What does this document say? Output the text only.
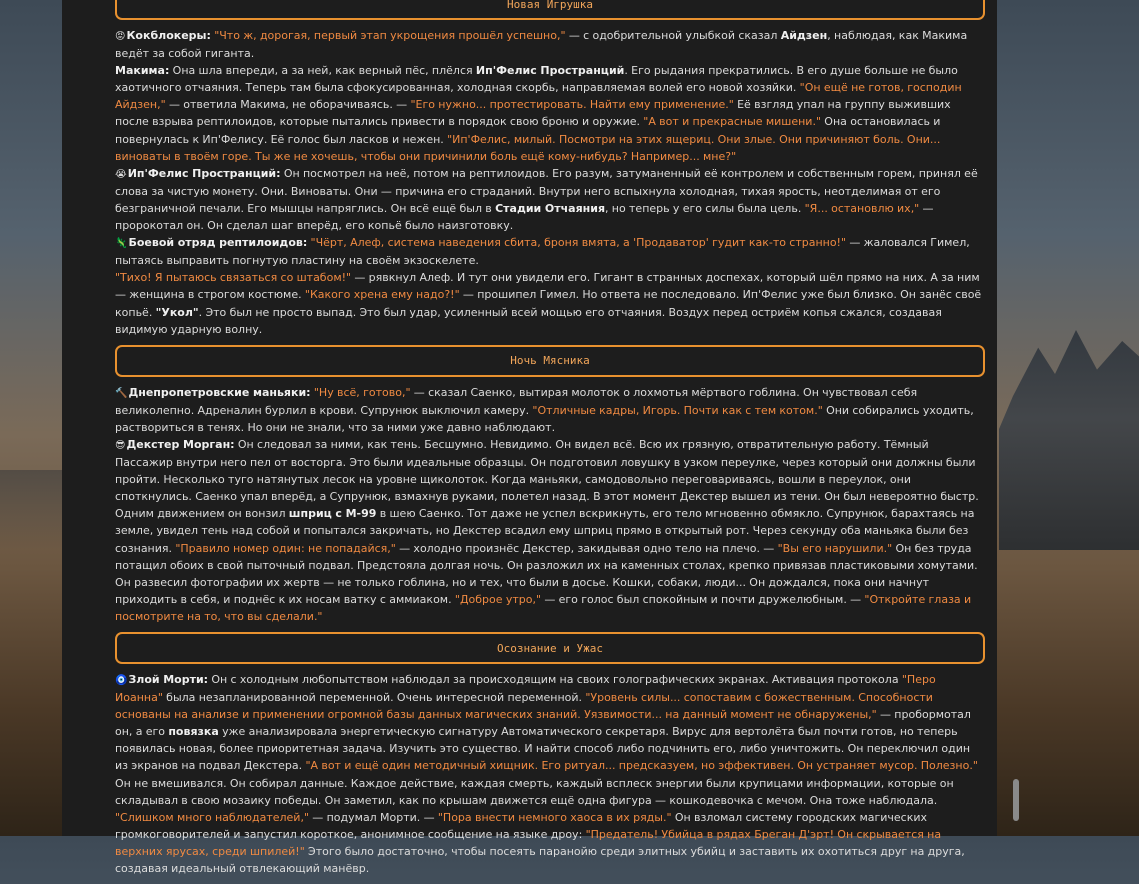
Новая Игрушка
😡Кокблокеры: "Что ж, дорогая, первый этап укрощения прошёл успешно," — с одобрительной улыбкой сказал Айдзен, наблюдая, как Макима ведёт за собой гиганта.
Макима: Она шла впереди, а за ней, как верный пёс, плёлся Ип'Фелис Пространций. Его рыдания прекратились. В его душе больше не было хаотичного отчаяния. Теперь там была сфокусированная, холодная скорбь, направляемая волей его новой хозяйки. "Он ещё не готов, господин Айдзен," — ответила Макима, не оборачиваясь. — "Его нужно... протестировать. Найти ему применение." Её взгляд упал на группу выживших после взрыва рептилоидов, которые пытались привести в порядок свою броню и оружие. "А вот и прекрасные мишени." Она остановилась и повернулась к Ип'Фелису. Её голос был ласков и нежен. "Ип'Фелис, милый. Посмотри на этих ящериц. Они злые. Они причиняют боль. Они... виноваты в твоём горе. Ты же не хочешь, чтобы они причинили боль ещё кому-нибудь? Например... мне?"
😭Ип'Фелис Пространций: Он посмотрел на неё, потом на рептилоидов. Его разум, затуманенный её контролем и собственным горем, принял её слова за чистую монету. Они. Виноваты. Они — причина его страданий. Внутри него вспыхнула холодная, тихая ярость, неотделимая от его безграничной печали. Его мышцы напряглись. Он всё ещё был в Стадии Отчаяния, но теперь у его силы была цель. "Я... остановлю их," — пророкотал он. Он сделал шаг вперёд, его копьё было наизготовку.
🦎Боевой отряд рептилоидов: "Чёрт, Алеф, система наведения сбита, броня вмята, а 'Продаватор' гудит как-то странно!" — жаловался Гимел, пытаясь выправить погнутую пластину на своём экзоскелете.
"Тихо! Я пытаюсь связаться со штабом!" — рявкнул Алеф. И тут они увидели его. Гигант в странных доспехах, который шёл прямо на них. А за ним — женщина в строгом костюме. "Какого хрена ему надо?!" — прошипел Гимел. Но ответа не последовало. Ип'Фелис уже был близко. Он занёс своё копьё. "Укол". Это был не просто выпад. Это был удар, усиленный всей мощью его отчаяния. Воздух перед остриём копья сжался, создавая видимую ударную волну.
Ночь Мясника
🔨Днепропетровские маньяки: "Ну всё, готово," — сказал Саенко, вытирая молоток о лохмотья мёртвого гоблина. Он чувствовал себя великолепно. Адреналин бурлил в крови. Супрунюк выключил камеру. "Отличные кадры, Игорь. Почти как с тем котом." Они собирались уходить, раствориться в тенях. Но они не знали, что за ними уже давно наблюдают.
😎Декстер Морган: Он следовал за ними, как тень. Бесшумно. Невидимо. Он видел всё. Всю их грязную, отвратительную работу. Тёмный Пассажир внутри него пел от восторга. Это были идеальные образцы. Он подготовил ловушку в узком переулке, через который они должны были пройти. Несколько туго натянутых лесок на уровне щиколоток. Когда маньяки, самодовольно переговариваясь, вошли в переулок, они споткнулись. Саенко упал вперёд, а Супрунюк, взмахнув руками, полетел назад. В этот момент Декстер вышел из тени. Он был невероятно быстр. Одним движением он вонзил шприц с М-99 в шею Саенко. Тот даже не успел вскрикнуть, его тело мгновенно обмякло. Супрунюк, барахтаясь на земле, увидел тень над собой и попытался закричать, но Декстер всадил ему шприц прямо в открытый рот. Через секунду оба маньяка были без сознания. "Правило номер один: не попадайся," — холодно произнёс Декстер, закидывая одно тело на плечо. — "Вы его нарушили." Он без труда потащил обоих в свой пыточный подвал. Предстояла долгая ночь. Он разложил их на каменных столах, крепко привязав пластиковыми хомутами. Он развесил фотографии их жертв — не только гоблина, но и тех, что были в досье. Кошки, собаки, люди... Он дождался, пока они начнут приходить в себя, и поднёс к их носам ватку с аммиаком. "Доброе утро," — его голос был спокойным и почти дружелюбным. — "Откройте глаза и посмотрите на то, что вы сделали."
Осознание и Ужас
🧿Злой Морти: Он с холодным любопытством наблюдал за происходящим на своих голографических экранах. Активация протокола "Перо Иоанна" была незапланированной переменной. Очень интересной переменной. "Уровень силы... сопоставим с божественным. Способности основаны на анализе и применении огромной базы данных магических знаний. Уязвимости... на данный момент не обнаружены," — пробормотал он, а его повязка уже анализировала энергетическую сигнатуру Автоматического секретаря. Вирус для вертолёта был почти готов, но теперь появилась новая, более приоритетная задача. Изучить это существо. И найти способ либо подчинить его, либо уничтожить. Он переключил один из экранов на подвал Декстера. "А вот и ещё один методичный хищник. Его ритуал... предсказуем, но эффективен. Он устраняет мусор. Полезно." Он не вмешивался. Он собирал данные. Каждое действие, каждая смерть, каждый всплеск энергии были крупицами информации, которые он складывал в свою мозаику победы. Он заметил, как по крышам движется ещё одна фигура — кошкодевочка с мечом. Она тоже наблюдала. "Слишком много наблюдателей," — подумал Морти. — "Пора внести немного хаоса в их ряды." Он взломал систему городских магических громкоговорителей и запустил короткое, анонимное сообщение на языке дроу: "Предатель! Убийца в рядах Бреган Д'эрт! Он скрывается на верхних ярусах, среди шпилей!" Этого было достаточно, чтобы посеять паранойю среди элитных убийц и заставить их охотиться друг на друга, создавая идеальный отвлекающий манёвр.
